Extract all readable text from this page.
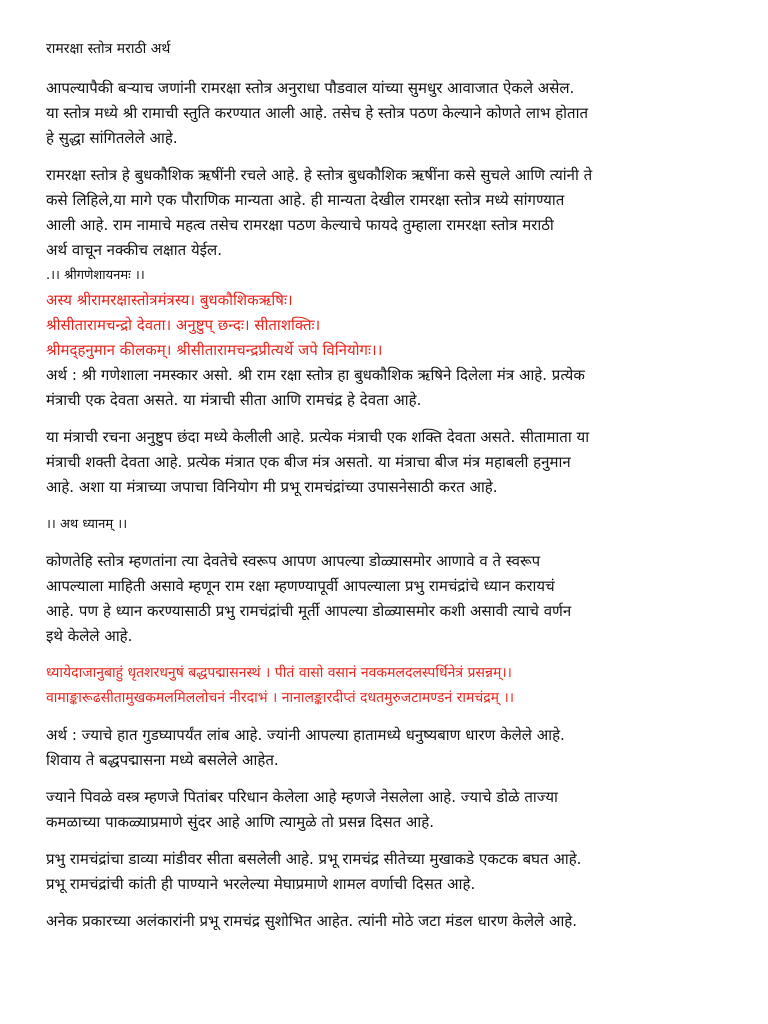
रामरक्षा स्तोत्र मराठी अर्थ
आपल्यापैकी बऱ्याच जणांनी रामरक्षा स्तोत्र अनुराधा पौडवाल यांच्या सुमधुर आवाजात ऐकले असेल.
या स्तोत्र मध्ये श्री रामाची स्तुति करण्यात आली आहे. तसेच हे स्तोत्र पठण केल्याने कोणते लाभ होतात
हे सुद्धा सांगितलेले आहे.
रामरक्षा स्तोत्र हे बुधकौशिक ऋषींनी रचले आहे. हे स्तोत्र बुधकौशिक ऋषींना कसे सुचले आणि त्यांनी ते
कसे लिहिले,या मागे एक पौराणिक मान्यता आहे. ही मान्यता देखील रामरक्षा स्तोत्र मध्ये सांगण्यात
आली आहे. राम नामाचे महत्व तसेच रामरक्षा पठण केल्याचे फायदे तुम्हाला रामरक्षा स्तोत्र मराठी
अर्थ वाचून नक्कीच लक्षात येईल.
.।। श्रीगणेशायनमः ।।
अस्य श्रीरामरक्षास्तोत्रमंत्रस्य। बुधकौशिकऋषिः।
श्रीसीतारामचन्द्रो देवता। अनुष्टुप् छन्दः। सीताशक्तिः।
श्रीमद्हनुमान कीलकम्। श्रीसीतारामचन्द्रप्रीत्यर्थे जपे विनियोगः।।
अर्थ : श्री गणेशाला नमस्कार असो. श्री राम रक्षा स्तोत्र हा बुधकौशिक ऋषिने दिलेला मंत्र आहे. प्रत्येक
मंत्राची एक देवता असते. या मंत्राची सीता आणि रामचंद्र हे देवता आहे.
या मंत्राची रचना अनुष्टुप छंदा मध्ये केलीली आहे. प्रत्येक मंत्राची एक शक्ति देवता असते. सीतामाता या
मंत्राची शक्ती देवता आहे. प्रत्येक मंत्रात एक बीज मंत्र असतो. या मंत्राचा बीज मंत्र महाबली हनुमान
आहे. अशा या मंत्राच्या जपाचा विनियोग मी प्रभू रामचंद्रांच्या उपासनेसाठी करत आहे.
।। अथ ध्यानम् ।।
कोणतेहि स्तोत्र म्हणतांना त्या देवतेचे स्वरूप आपण आपल्या डोळ्यासमोर आणावे व ते स्वरूप
आपल्याला माहिती असावे म्हणून राम रक्षा म्हणण्यापूर्वी आपल्याला प्रभु रामचंद्रांचे ध्यान करायचं
आहे. पण हे ध्यान करण्यासाठी प्रभु रामचंद्रांची मूर्ती आपल्या डोळ्यासमोर कशी असावी त्याचे वर्णन
इथे केलेले आहे.
ध्यायेदाजानुबाहुं धृतशरधनुषं बद्धपद्मासनस्थं । पीतं वासो वसानं नवकमलदलस्पर्धिनेत्रं प्रसन्नम्।।
वामाङ्कारूढसीतामुखकमलमिललोचनं नीरदाभं । नानालङ्कारदीप्तं दधतमुरुजटामण्डनं रामचंद्रम् ।।
अर्थ : ज्याचे हात गुडघ्यापर्यंत लांब आहे. ज्यांनी आपल्या हातामध्ये धनुष्यबाण धारण केलेले आहे.
शिवाय ते बद्धपद्मासना मध्ये बसलेले आहेत.
ज्याने पिवळे वस्त्र म्हणजे पितांबर परिधान केलेला आहे म्हणजे नेसलेला आहे. ज्याचे डोळे ताज्या
कमळाच्या पाकळ्याप्रमाणे सुंदर आहे आणि त्यामुळे तो प्रसन्न दिसत आहे.
प्रभु रामचंद्रांचा डाव्या मांडीवर सीता बसलेली आहे. प्रभू रामचंद्र सीतेच्या मुखाकडे एकटक बघत आहे.
प्रभू रामचंद्रांची कांती ही पाण्याने भरलेल्या मेघाप्रमाणे शामल वर्णाची दिसत आहे.
अनेक प्रकारच्या अलंकारांनी प्रभू रामचंद्र सुशोभित आहेत. त्यांनी मोठे जटा मंडल धारण केलेले आहे.
